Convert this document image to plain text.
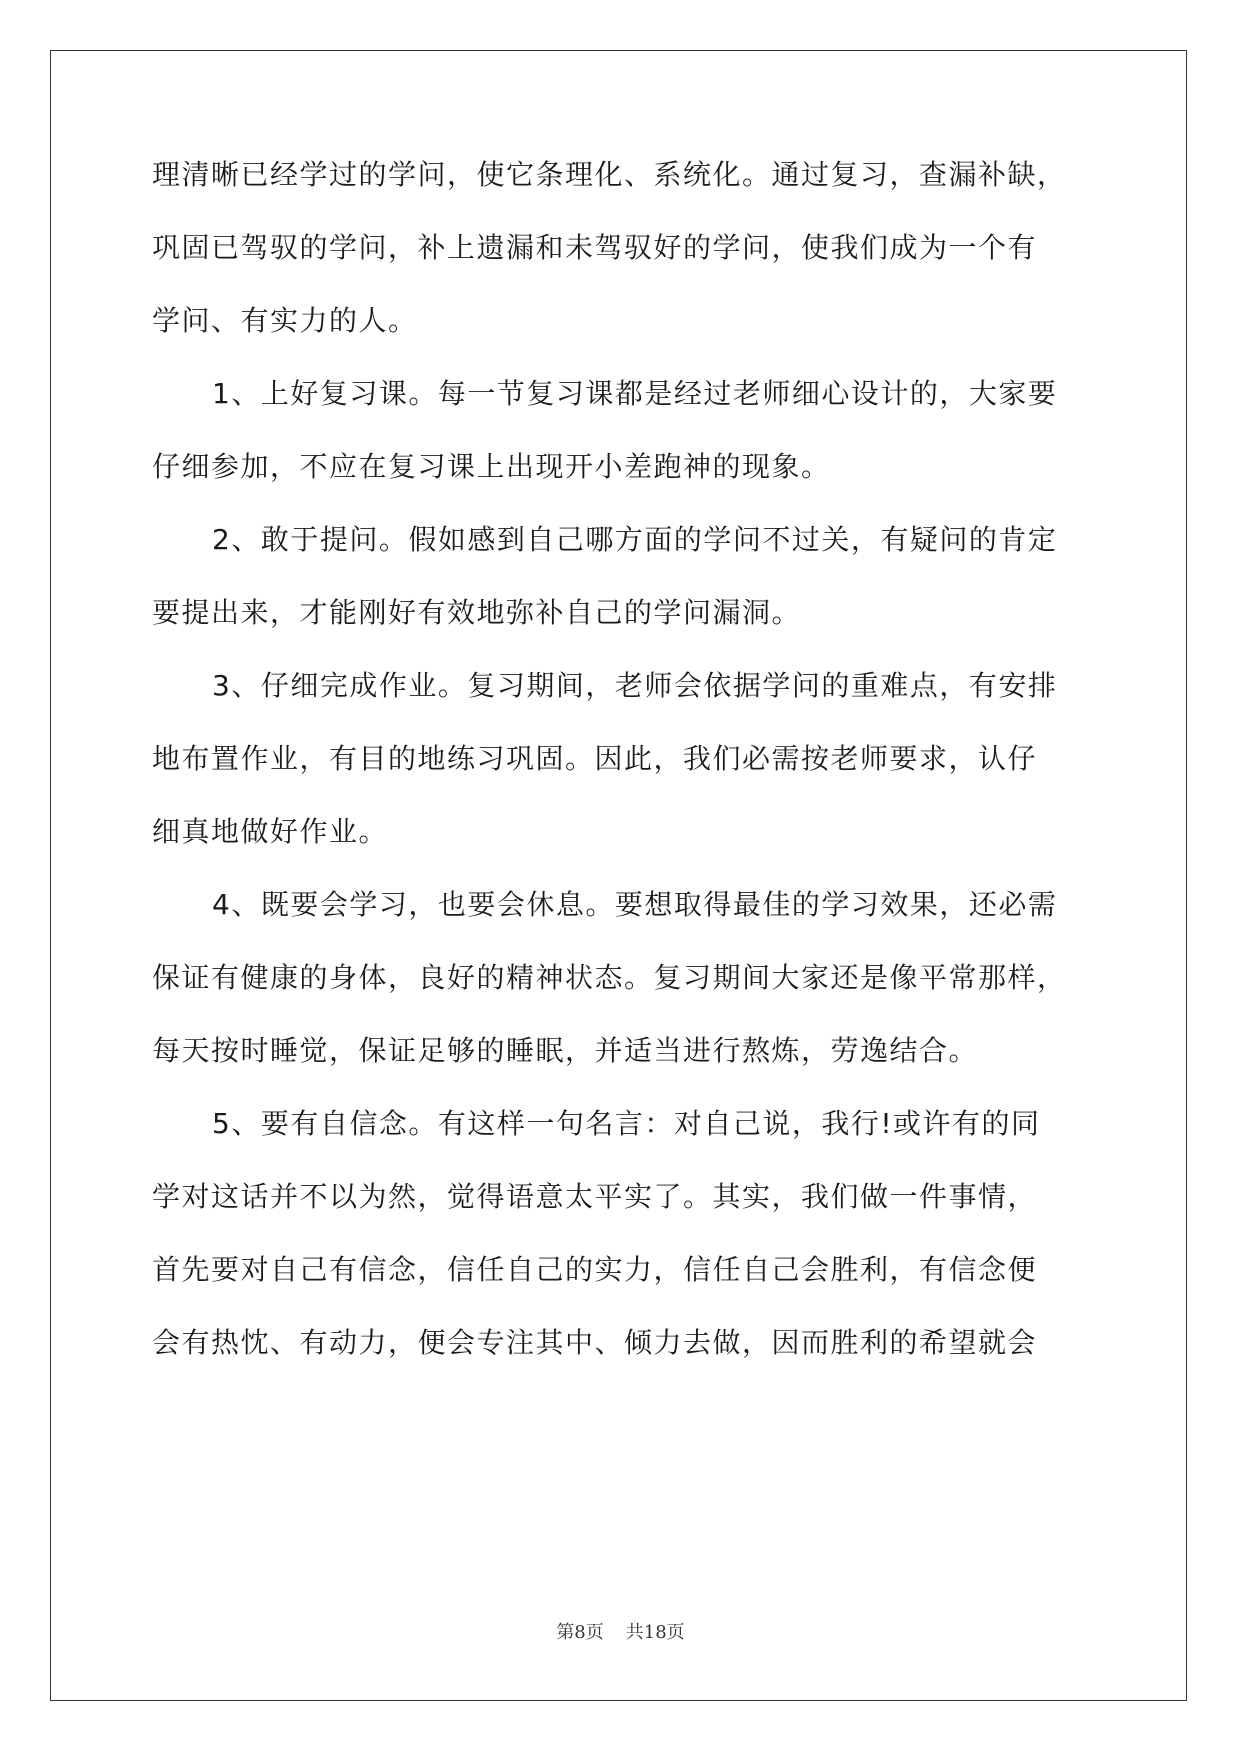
理清晰已经学过的学问，使它条理化、系统化。通过复习，查漏补缺，
巩固已驾驭的学问，补上遗漏和未驾驭好的学问，使我们成为一个有
学问、有实力的人。
1、上好复习课。每一节复习课都是经过老师细心设计的，大家要
仔细参加，不应在复习课上出现开小差跑神的现象。
2、敢于提问。假如感到自己哪方面的学问不过关，有疑问的肯定
要提出来，才能刚好有效地弥补自己的学问漏洞。
3、仔细完成作业。复习期间，老师会依据学问的重难点，有安排
地布置作业，有目的地练习巩固。因此，我们必需按老师要求，认仔
细真地做好作业。
4、既要会学习，也要会休息。要想取得最佳的学习效果，还必需
保证有健康的身体，良好的精神状态。复习期间大家还是像平常那样，
每天按时睡觉，保证足够的睡眠，并适当进行熬炼，劳逸结合。
5、要有自信念。有这样一句名言：对自己说，我行!或许有的同
学对这话并不以为然，觉得语意太平实了。其实，我们做一件事情，
首先要对自己有信念，信任自己的实力，信任自己会胜利，有信念便
会有热忱、有动力，便会专注其中、倾力去做，因而胜利的希望就会
第8页 共18页
